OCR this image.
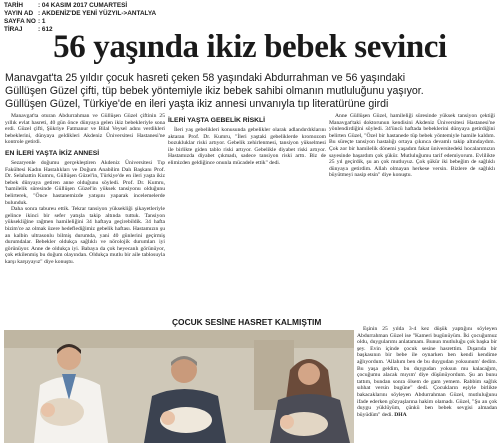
TARİH	: 04 KASIM 2017 CUMARTESİ
YAYIN AD : AKDENİZ'DE YENİ YÜZYIL->ANTALYA
SAYFA NO : 1
TİRAJ	: 612 56 yaşında ikiz bebek sevinci
Manavgat'ta 25 yıldır çocuk hasreti çeken 58 yaşındaki Abdurrahman ve 56 yaşındaki
Güllüşen Güzel çifti, tüp bebek yöntemiyle ikiz bebek sahibi olmanın mutluluğunu yaşıyor.
Güllüşen Güzel, Türkiye'de en ileri yaşta ikiz annesi unvanıyla tıp literatürüne girdi

Manavgat'ta oturan Abdurrahman ve Güllüşen Güzel çiftinin 25 yıllık evlat hasreti, 40 gün önce dünyaya gelen ikiz bebekleriyle sona erdi. Güzel çifti, Şükriye Fatmanur ve Bilal Veysel adını verdikleri bebeklerini, dünyaya geldikleri Akdeniz Üniversitesi Hastanesi'ne kontrole getirdi.

EN İLERİ YAŞTA İKİZ ANNESİ

Sezaryenle doğumu gerçekleştiren Akdeniz Üniversitesi Tıp Fakültesi Kadın Hastalıkları ve Doğum Anabilim Dalı Başkanı Prof. Dr. Selahattin Kumru, Güllüşen Güzel'in, Türkiye'de en ileri yaşta ikiz bebek dünyaya getiren anne olduğunu söyledi. Prof. Dr. Kumru, 'hamilelik süresinde Güllüşen Güzel'in yüksek tansiyonu olduğunu belirterek, "Önce hastanemizde yatışını yaparak incelemelerde bulunduk.

Daha sonra tabureu ettik. Tekrar tansiyon yüksekliği şikayetleriyle gelince ikinci bir sefer yatışla takip altında tuttuk. Tansiyon yüksekliğine rağmen hamileliğini 34 haftaya geçirebildik. 34 hafta bizim'ce az olmak üzere hedeflediğimiz gebelik haftası. Hastamızın şu an kalbin ultrasonlu bilmiş durumda, yani 40 günlerini geçirmiş durumdalar. Bebekler oldukça sağlıklı ve nörolojik durumları iyi görünüyor. Anne de oldukça iyi. Babaya da çok heyecanlı görünüyor, çok etkilenmiş bu doğum olayından. Oldukça mutlu bir aile tablosuyla karşı karşıyayız" diye konuştu.

İLERİ YAŞTA GEBELİK RİSKLİ

İleri yaş gebelikleri konusunda gebelikler olarak adlandırdıklarını aktaran Prof. Dr. Kumru, "İleri yaştaki gebeliklerde kromozom bozukluklar riski artıyor. Gebelik zehirlenmesi, tansiyon yükselmesi ile birlikte giden tablo riski artıyor. Gebelikle diyabet riski artıyor. Hastamızda diyabet çıkmadı, sadece tansiyon riski arttı. Biz de elimizden geldiğince onunla mücadele ettik" dedi.

Anne Güllüşen Güzel, hamileliği süresinde yüksek tansiyon çektiği Manavgat'taki doktorunun kendisini Akdeniz Üniversitesi Hastanesi'ne yönlendirdiğini söyledi. 34'üncü haftada bebeklerini dünyaya getirdiğini belirten Güzel, "Özel bir hastanede tüp bebek yöntemiyle hamile kaldım. Bu süreçte tansiyon hastalığı ortaya çıkınca devamlı takip altındaydım. Çok zor bir hamilelik dönemi yaşadım fakat üniversitedeki hocalarımızın sayesinde başardım çok şükür. Mutluluğumu tarif edemiyorum. Evlilikte 25 yıl geçirdik, şu an çok mutluyuz. Çok şükür iki bebeğim de sağlıklı dünyaya getirdim. Allah olmayan herkese versin. Bizlere de sağlıklı büyütmeyi nasip etsin" diye konuştu.

ÇOCUK SESİNE HASRET KALMIŞTIM

Eşinin 25 yılda 3-4 kez düşük yaptığını söyleyen Abdurrahman Güzel ise "Kameri bugünüyüm. İki çocuğumuz oldu, duygularımı anlatamam. Bunun mutluluğu çok başka bir şey. Evin içinde çocuk sesine hasrettim. Dışarıda bir başkasının bir bebe ile oynarken ben kendi kendime ağlıyordum. 'Allahım ben de bu duygudan yoksunum' dedim. Bu yaşa geldim, bu duygudan yoksun mu kalacağım, çocuğumu alacak mıyım' diye düşünüyordum. Şu an bunu tattım, bundan sonra ölsem de gam yemem. Rabbim sağlık sıhhat versin bugüne" dedi. Çocukların eşiyle birlikte bakacaklarını söyleyen Abdurrahman Güzel, mutluluğunu ifade ederken gözyaşlarına hakim olamadı. Güzel, "Şu an çok duygu yüklüyüm, çünkü ben bebek sevgisi almadan büyüdüm" dedi. DHA
